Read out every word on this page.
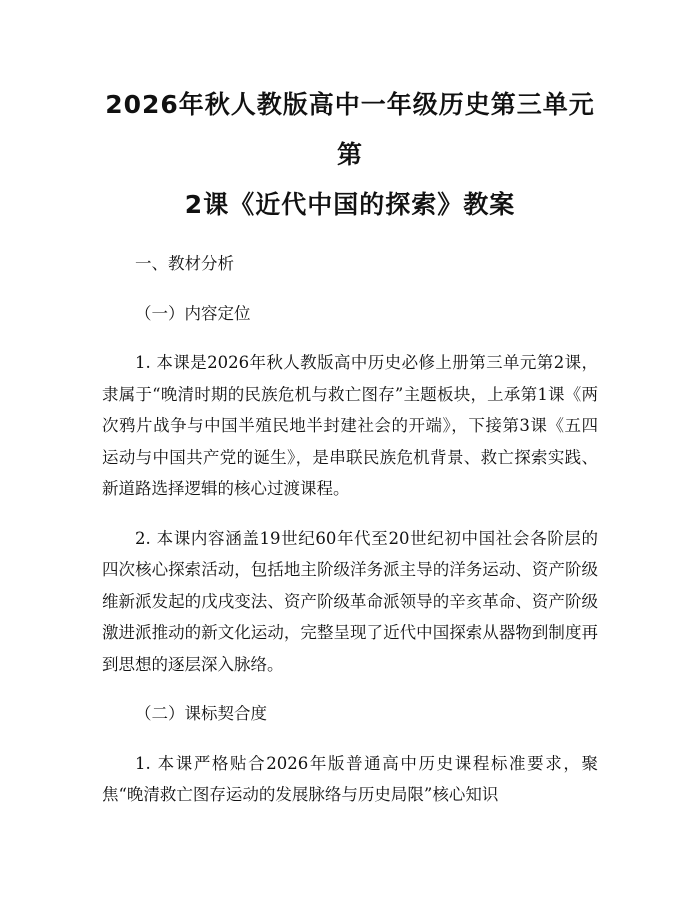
2026年秋人教版高中一年级历史第三单元第
2课《近代中国的探索》教案

一、教材分析

（一）内容定位

1. 本课是2026年秋人教版高中历史必修上册第三单元第2课，隶属于“晚清时期的民族危机与救亡图存”主题板块，上承第1课《两次鸦片战争与中国半殖民地半封建社会的开端》，下接第3课《五四运动与中国共产党的诞生》，是串联民族危机背景、救亡探索实践、新道路选择逻辑的核心过渡课程。

2. 本课内容涵盖19世纪60年代至20世纪初中国社会各阶层的四次核心探索活动，包括地主阶级洋务派主导的洋务运动、资产阶级维新派发起的戊戌变法、资产阶级革命派领导的辛亥革命、资产阶级激进派推动的新文化运动，完整呈现了近代中国探索从器物到制度再到思想的逐层深入脉络。

（二）课标契合度

1. 本课严格贴合2026年版普通高中历史课程标准要求，聚焦“晚清救亡图存运动的发展脉络与历史局限”核心知识
